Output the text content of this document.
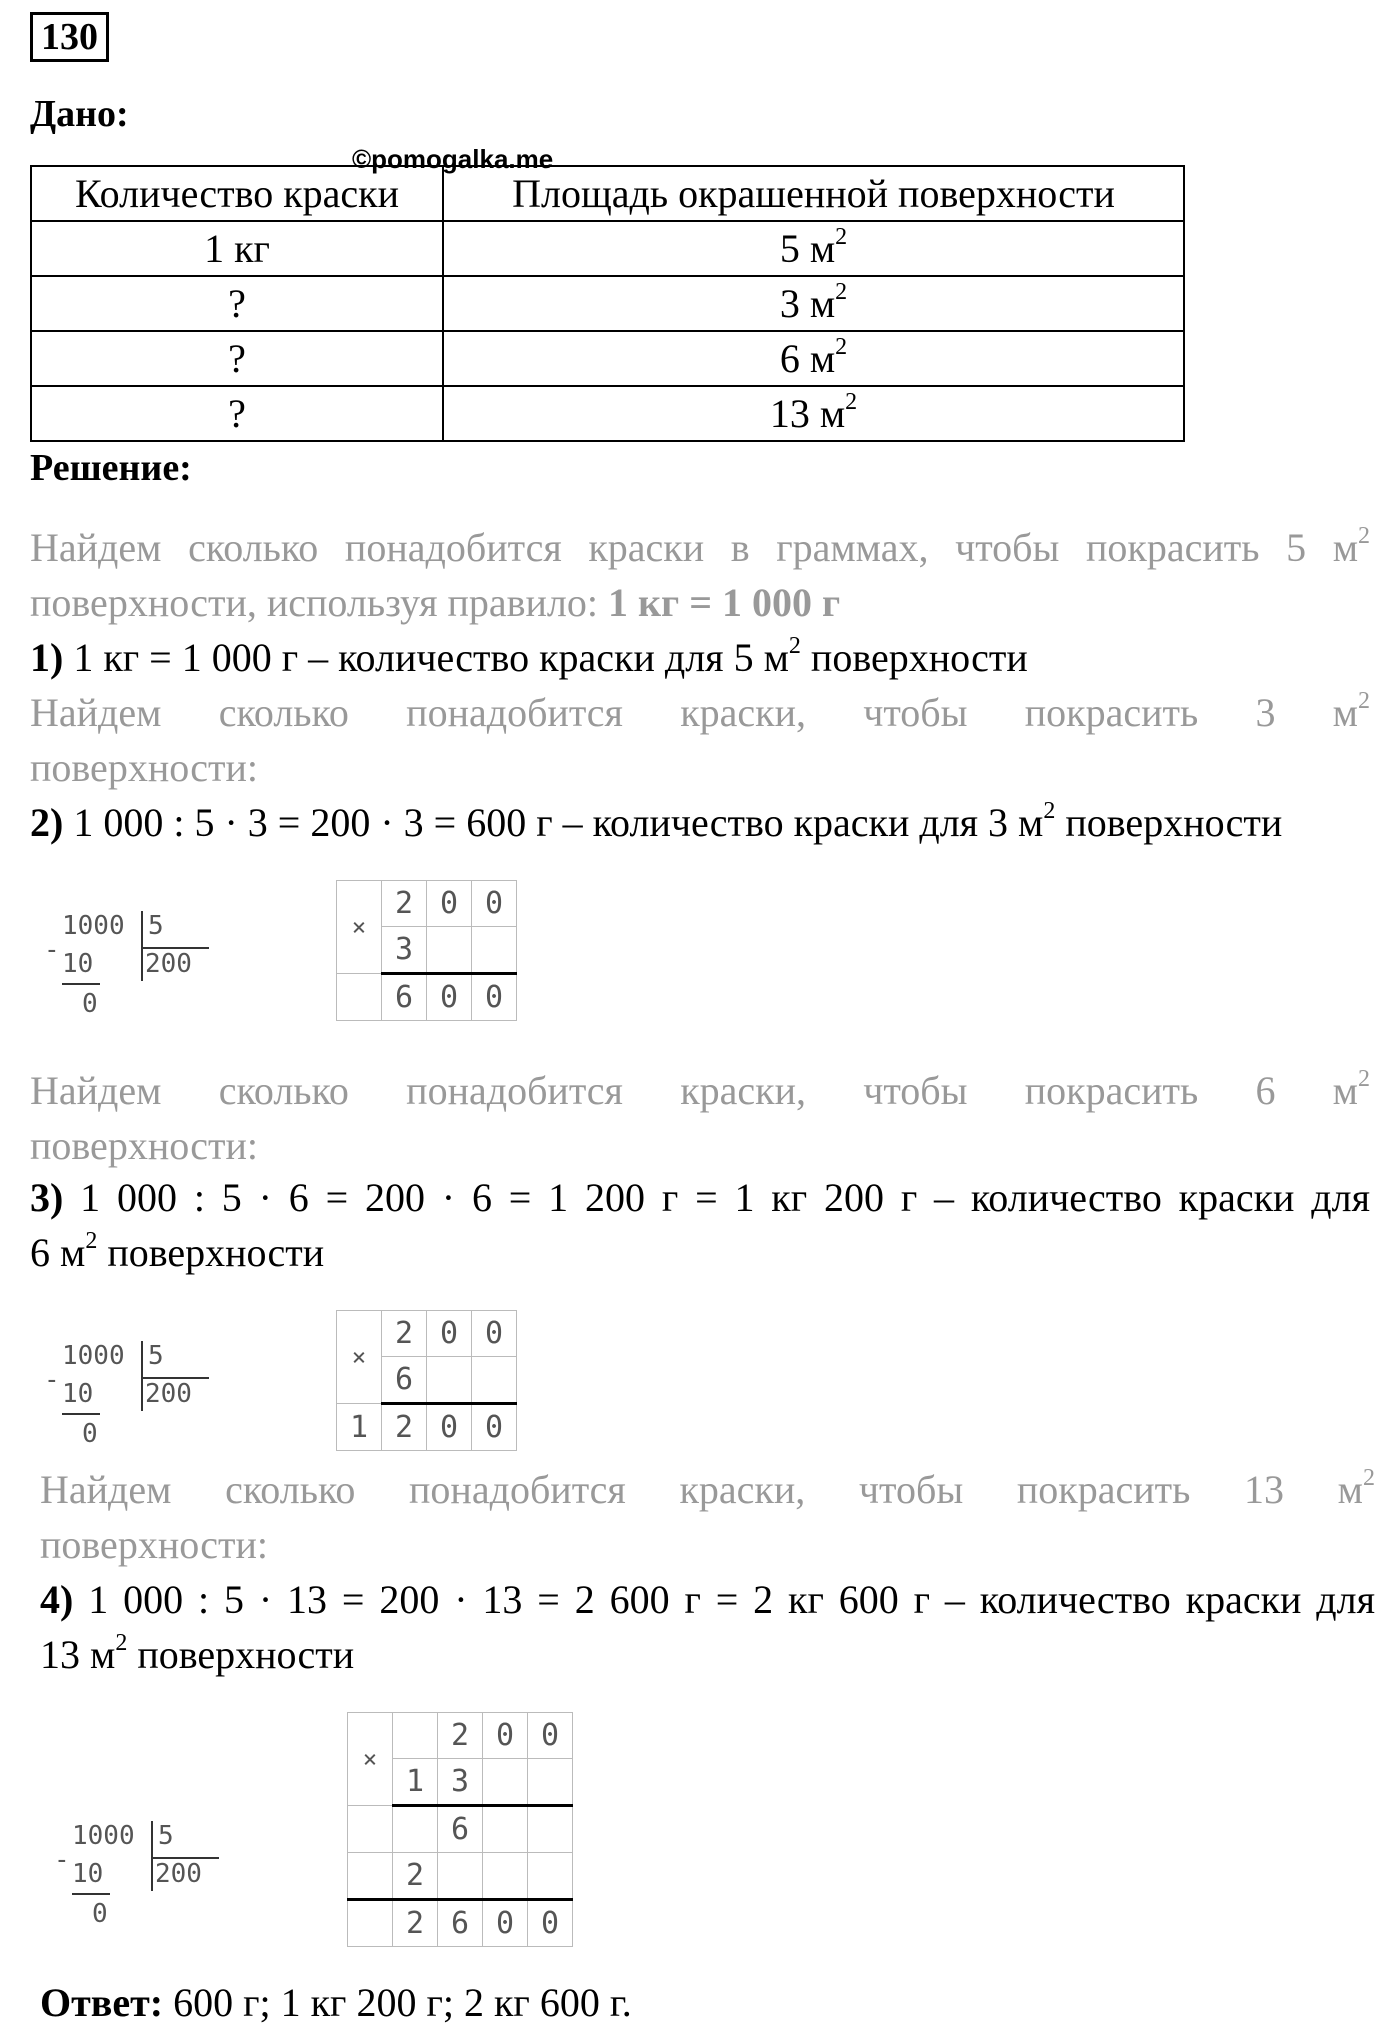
130
Дано:
©pomogalka.me
Количество краски	Площадь окрашенной поверхности
1 кг	5 $м^2$
?	3 $м^2$
?	6 $м^2$
?	13 $м^2$
Решение:
Найдем сколько понадобится краски в граммах, чтобы покрасить 5 $м^2$
поверхности, используя правило: 1 кг = 1 000 г
1) 1 кг = 1 000 г – количество краски для 5 $м^2$ поверхности
Найдем сколько понадобится краски, чтобы покрасить 3 $м^2$
поверхности:
2) 1 000 : 5 · 3 = 200 · 3 = 600 г – количество краски для 3 $м^2$ поверхности
-
1000 5
10 200
0
×	2	0	0
	3		
	6	0	0
Найдем сколько понадобится краски, чтобы покрасить 6 $м^2$
поверхности:
3) 1 000 : 5 · 6 = 200 · 6 = 1 200 г = 1 кг 200 г – количество краски для
6 $м^2$ поверхности
-
1000 5
10 200
0
×	2	0	0
	6		
1	2	0	0
Найдем сколько понадобится краски, чтобы покрасить 13 $м^2$
поверхности:
4) 1 000 : 5 · 13 = 200 · 13 = 2 600 г = 2 кг 600 г – количество краски для
13 $м^2$ поверхности
-
1000 5
10 200
0
×		2	0	0
	1	3		
		6		
	2			
	2	6	0	0
Ответ: 600 г; 1 кг 200 г; 2 кг 600 г.
